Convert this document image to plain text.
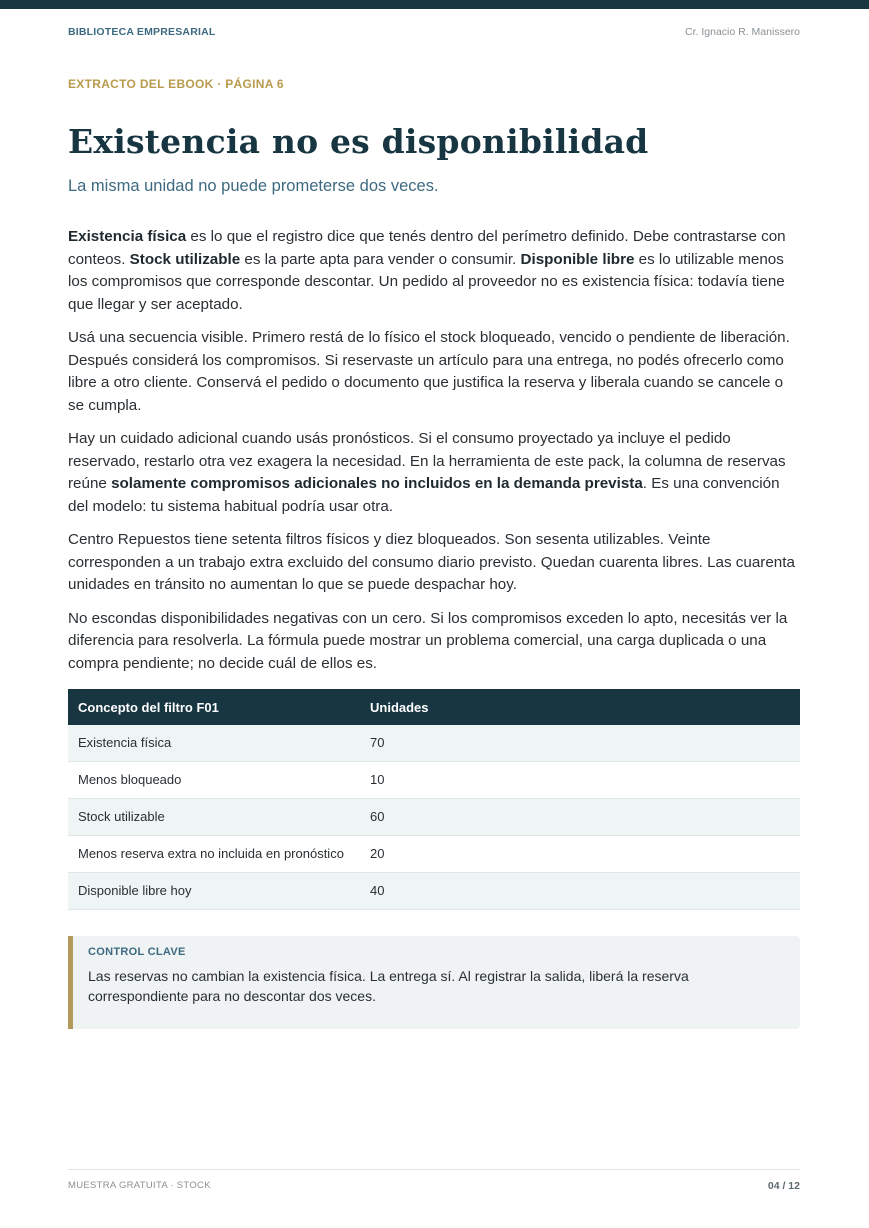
BIBLIOTECA EMPRESARIAL	Cr. Ignacio R. Manissero
EXTRACTO DEL EBOOK · PÁGINA 6
Existencia no es disponibilidad
La misma unidad no puede prometerse dos veces.

Existencia física es lo que el registro dice que tenés dentro del perímetro definido. Debe contrastarse con conteos. Stock utilizable es la parte apta para vender o consumir. Disponible libre es lo utilizable menos los compromisos que corresponde descontar. Un pedido al proveedor no es existencia física: todavía tiene que llegar y ser aceptado.

Usá una secuencia visible. Primero restá de lo físico el stock bloqueado, vencido o pendiente de liberación. Después considerá los compromisos. Si reservaste un artículo para una entrega, no podés ofrecerlo como libre a otro cliente. Conservá el pedido o documento que justifica la reserva y liberala cuando se cancele o se cumpla.

Hay un cuidado adicional cuando usás pronósticos. Si el consumo proyectado ya incluye el pedido reservado, restarlo otra vez exagera la necesidad. En la herramienta de este pack, la columna de reservas reúne solamente compromisos adicionales no incluidos en la demanda prevista. Es una convención del modelo: tu sistema habitual podría usar otra.

Centro Repuestos tiene setenta filtros físicos y diez bloqueados. Son sesenta utilizables. Veinte corresponden a un trabajo extra excluido del consumo diario previsto. Quedan cuarenta libres. Las cuarenta unidades en tránsito no aumentan lo que se puede despachar hoy.

No escondas disponibilidades negativas con un cero. Si los compromisos exceden lo apto, necesitás ver la diferencia para resolverla. La fórmula puede mostrar un problema comercial, una carga duplicada o una compra pendiente; no decide cuál de ellos es.

Concepto del filtro F01	Unidades
Existencia física	70
Menos bloqueado	10
Stock utilizable	60
Menos reserva extra no incluida en pronóstico	20
Disponible libre hoy	40
CONTROL CLAVE
Las reservas no cambian la existencia física. La entrega sí. Al registrar la salida, liberá la reserva correspondiente para no descontar dos veces.
MUESTRA GRATUITA · STOCK	04 / 12
